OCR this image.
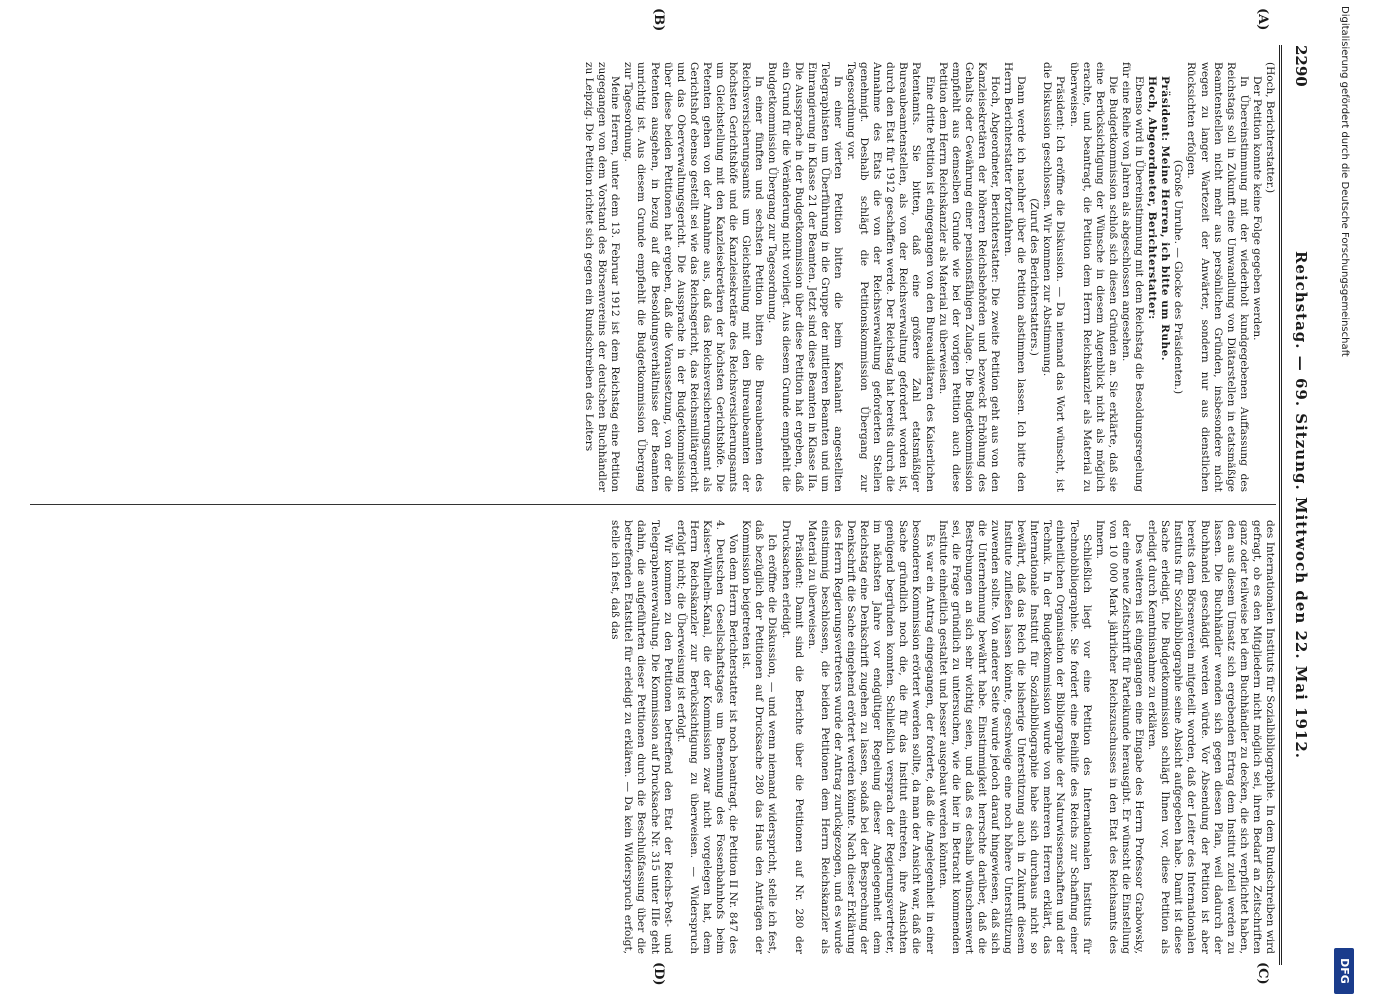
2290
Reichstag. — 69. Sitzung. Mittwoch den 22. Mai 1912.
(A)
(B)
(C)
(D)

(Hoch, Berichterstatter.)

Der Petition konnte keine Folge gegeben werden.

In Übereinstimmung mit der wiederholt kundgegebenen Auffassung des Reichstags soll in Zukunft eine Umwandlung von Diätarstellen in etatsmäßige Beamtenstellen nicht mehr aus persönlichen Gründen, insbesondere nicht wegen zu langer Wartezeit der Anwärter, sondern nur aus dienstlichen Rücksichten erfolgen.

(Große Unruhe. — Glocke des Präsidenten.)

Präsident: Meine Herren, ich bitte um Ruhe.

Hoch, Abgeordneter, Berichterstatter:

Ebenso wird in Übereinstimmung mit dem Reichstag die Besoldungsregelung für eine Reihe von Jahren als abgeschlossen angesehen.

Die Budgetkommission schloß sich diesen Gründen an. Sie erklärte, daß sie eine Berücksichtigung der Wünsche in diesem Augenblick nicht als möglich erachte, und beantragt, die Petition dem Herrn Reichskanzler als Material zu überweisen.

Präsident: Ich eröffne die Diskussion. — Da niemand das Wort wünscht, ist die Diskussion geschlossen. Wir kommen zur Abstimmung.

(Zuruf des Berichterstatters.)

Dann werde ich nachher über die Petition abstimmen lassen. Ich bitte den Herrn Berichterstatter fortzufahren.

Hoch, Abgeordneter, Berichterstatter: Die zweite Petition geht aus von den Kanzleisekretären der höheren Reichsbehörden und bezweckt Erhöhung des Gehalts oder Gewährung einer pensionsfähigen Zulage. Die Budgetkommission empfiehlt aus demselben Grunde wie bei der vorigen Petition auch diese Petition dem Herrn Reichskanzler als Material zu überweisen.

Eine dritte Petition ist eingegangen von den Bureaudiätaren des Kaiserlichen Patentamts. Sie bitten, daß eine größere Zahl etatsmäßiger Bureaubeamtenstellen, als von der Reichsverwaltung gefordert worden ist, durch den Etat für 1912 geschaffen werde. Der Reichstag hat bereits durch die Annahme des Etats die von der Reichsverwaltung geforderten Stellen genehmigt. Deshalb schlägt die Petitionskommission Übergang zur Tagesordnung vor.

In einer vierten Petition bitten die beim Kanalamt angestellten Telegraphisten um Überführung in die Gruppe der mittleren Beamten und um Einrangierung in Klasse 21 der Beamten. Jetzt sind diese Beamten in Klasse IIa. Die Aussprache in der Budgetkommission über diese Petition hat ergeben, daß ein Grund für die Veränderung nicht vorliegt. Aus diesem Grunde empfiehlt die Budgetkommission Übergang zur Tagesordnung.

In einer fünften und sechsten Petition bitten die Bureaubeamten des Reichsversicherungsamts um Gleichstellung mit den Bureaubeamten der höchsten Gerichtshöfe und die Kanzleisekretäre des Reichsversicherungsamts um Gleichstellung mit den Kanzleisekretären der höchsten Gerichtshöfe. Die Petenten gehen von der Annahme aus, daß das Reichsversicherungsamt als Gerichtshof ebenso gestellt sei wie das Reichsgericht, das Reichsmilitärgericht und das Oberverwaltungsgericht. Die Aussprache in der Budgetkommission über diese beiden Petitionen hat ergeben, daß die Voraussetzung, von der die Petenten ausgehen, in bezug auf die Besoldungsverhältnisse der Beamten unrichtig ist. Aus diesem Grunde empfiehlt die Budgetkommission Übergang zur Tagesordnung.

Meine Herren, unter dem 13. Februar 1912 ist dem Reichstag eine Petition zugegangen von dem Vorstand des Börsenvereins der deutschen Buchhändler zu Leipzig. Die Petition richtet sich gegen ein Rundschreiben des Leiters

des Internationalen Instituts für Sozialbibliographie. In dem Rundschreiben wird gefragt, ob es den Mitgliedern nicht möglich sei, ihren Bedarf an Zeitschriften ganz oder teilweise bei dem Buchhändler zu decken, die sich verpflichtet haben, den aus diesem Umsatz sich ergebenden Ertrag dem Institut zuteil werden zu lassen. Die Buchhändler wenden sich gegen diesen Plan, weil dadurch der Buchhandel geschädigt werden würde. Vor Absendung der Petition ist aber bereits dem Börsenverein mitgeteilt worden, daß der Leiter des Internationalen Instituts für Sozialbibliographie seine Absicht aufgegeben habe. Damit ist diese Sache erledigt. Die Budgetkommission schlägt Ihnen vor, diese Petition als erledigt durch Kenntnisnahme zu erklären.

Des weiteren ist eingegangen eine Eingabe des Herrn Professor Grabowsky, der eine neue Zeitschrift für Parteikunde herausgibt. Er wünscht die Einstellung von 10 000 Mark jährlicher Reichszuschusses in den Etat des Reichsamts des Innern.

Schließlich liegt vor eine Petition des Internationalen Instituts für Technobibliographie. Sie fordert eine Beihilfe des Reichs zur Schaffung einer einheitlichen Organisation der Bibliographie der Naturwissenschaften und der Technik. In der Budgetkommission wurde von mehreren Herren erklärt, das Internationale Institut für Sozialbibliographie habe sich durchaus nicht so bewährt, daß das Reich die bisherige Unterstützung auch in Zukunft diesem Institute zufließen lassen könnte, geschweige eine noch höhere Unterstützung zuwenden sollte. Von anderer Seite wurde jedoch darauf hingewiesen, daß sich die Unternehmung bewährt habe. Einstimmigkeit herrschte darüber, daß die Bestrebungen an sich sehr wichtig seien, und daß es deshalb wünschenswert sei, die Frage gründlich zu untersuchen, wie die hier in Betracht kommenden Institute einheitlich gestaltet und besser ausgebaut werden könnten.

Es war ein Antrag eingegangen, der forderte, daß die Angelegenheit in einer besonderen Kommission erörtert werden sollte, da man der Ansicht war, daß die Sache gründlich noch die, die für das Institut eintreten, ihre Ansichten genügend begründen konnten. Schließlich versprach der Regierungsvertreter, im nächsten Jahre vor endgültiger Regelung dieser Angelegenheit dem Reichstag eine Denkschrift zugehen zu lassen, sodaß bei der Besprechung der Denkschrift die Sache eingehend erörtert werden könnte. Nach dieser Erklärung des Herrn Regierungsvertreters wurde der Antrag zurückgezogen, und es wurde einstimmig beschlossen, die beiden Petitionen dem Herrn Reichskanzler als Material zu überweisen.

Präsident: Damit sind die Berichte über die Petitionen auf Nr. 280 der Drucksachen erledigt.

Ich eröffne die Diskussion, — und wenn niemand widerspricht, stelle ich fest, daß bezüglich der Petitionen auf Drucksache 280 das Haus den Anträgen der Kommission beigetreten ist.

Von dem Herrn Berichterstatter ist noch beantragt, die Petition II Nr. 847 des 4. Deutschen Gesellschaftstages um Benennung des Fossenbahnhofs beim Kaiser-Wilhelm-Kanal, die der Kommission zwar nicht vorgelegen hat, dem Herrn Reichskanzler zur Berücksichtigung zu überweisen. — Widerspruch erfolgt nicht; die Überweisung ist erfolgt.

Wir kommen zu den Petitionen betreffend den Etat der Reichs-Post- und Telegraphenverwaltung. Die Kommission auf Drucksache Nr. 315 unter IIIe geht dahin, die aufgeführten dieser Petitionen durch die Beschlußfassung über die betreffenden Etatstitel für erledigt zu erklären. — Da kein Widerspruch erfolgt, stelle ich fest, daß das

Digitalisierung gefördert durch die Deutsche Forschungsgemeinschaft
DFG
